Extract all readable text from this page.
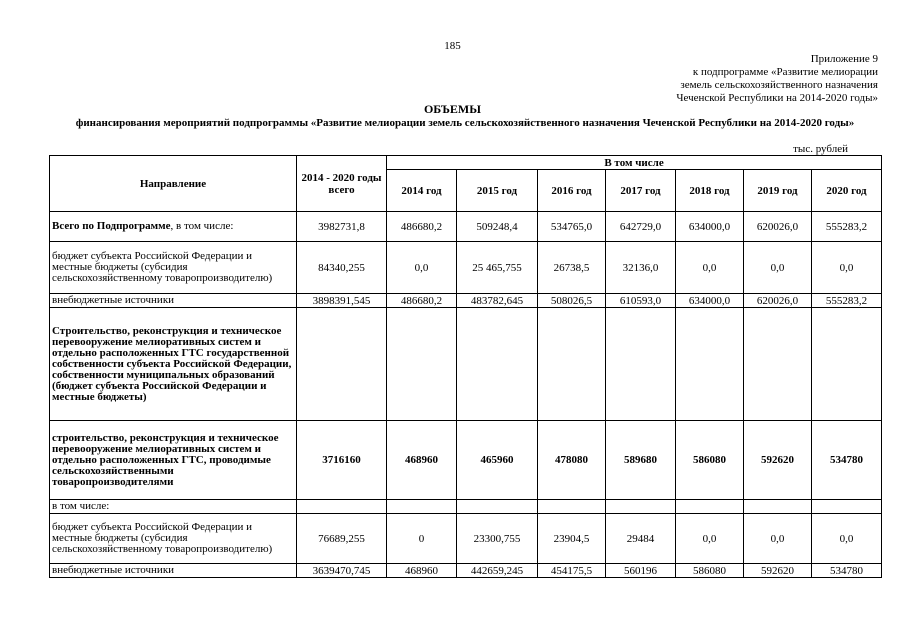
185
Приложение 9
к подпрограмме «Развитие мелиорации
земель сельскохозяйственного назначения
Чеченской Республики на 2014-2020 годы»
ОБЪЕМЫ
финансирования мероприятий подпрограммы «Развитие мелиорации земель сельскохозяйственного назначения Чеченской Республики на 2014-2020 годы»
тыс. рублей
Направление	2014 - 2020 годы всего	В том числе						
		2014 год	2015 год	2016 год	2017 год	2018 год	2019 год	2020 год
Всего по Подпрограмме, в том числе:	3982731,8	486680,2	509248,4	534765,0	642729,0	634000,0	620026,0	555283,2
бюджет субъекта Российской Федерации и местные бюджеты (субсидия сельскохозяйственному товаропроизводителю)	84340,255	0,0	25 465,755	26738,5	32136,0	0,0	0,0	0,0
внебюджетные источники	3898391,545	486680,2	483782,645	508026,5	610593,0	634000,0	620026,0	555283,2
Строительство, реконструкция и техническое перевооружение мелиоративных систем и отдельно расположенных ГТС государственной собственности субъекта Российской Федерации, собственности муниципальных образований (бюджет субъекта Российской Федерации и местные бюджеты)								
строительство, реконструкция и техническое перевооружение мелиоративных систем и отдельно расположенных ГТС, проводимые сельскохозяйственными товаропроизводителями	3716160	468960	465960	478080	589680	586080	592620	534780
в том числе:								
бюджет субъекта Российской Федерации и местные бюджеты (субсидия сельскохозяйственному товаропроизводителю)	76689,255	0	23300,755	23904,5	29484	0,0	0,0	0,0
внебюджетные источники	3639470,745	468960	442659,245	454175,5	560196	586080	592620	534780
